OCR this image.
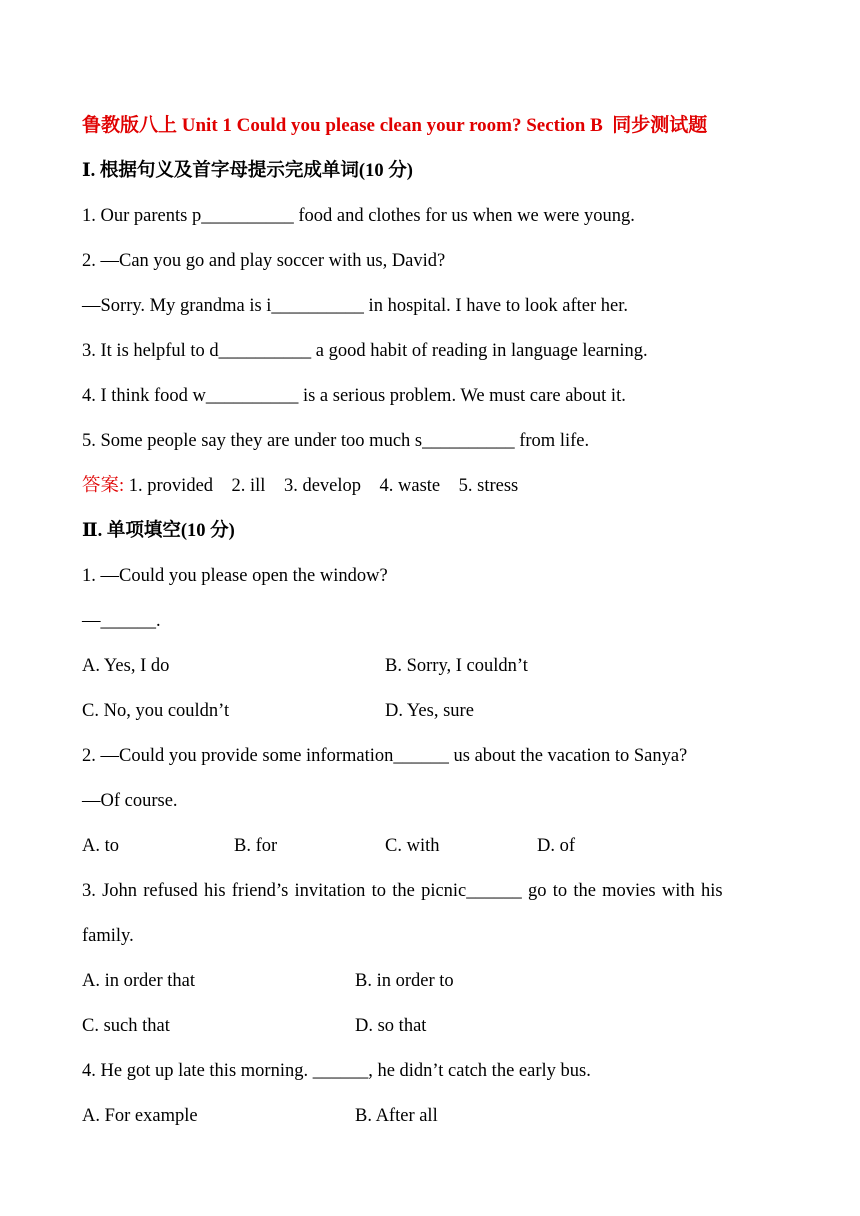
鲁教版八上 Unit 1 Could you please clean your room? Section B  同步测试题
Ⅰ. 根据句义及首字母提示完成单词(10 分)
1. Our parents p__________ food and clothes for us when we were young.
2. —Can you go and play soccer with us, David?
—Sorry. My grandma is i__________ in hospital. I have to look after her.
3. It is helpful to d__________ a good habit of reading in language learning.
4. I think food w__________ is a serious problem. We must care about it.
5. Some people say they are under too much s__________ from life.
答案: 1. provided    2. ill    3. develop    4. waste    5. stress
Ⅱ. 单项填空(10 分)
1. —Could you please open the window?
—______.
A. Yes, I do	B. Sorry, I couldn’t
C. No, you couldn’t	D. Yes, sure
2. —Could you provide some information______ us about the vacation to Sanya?
—Of course.
A. to	B. for	C. with	D. of
3. John refused his friend’s invitation to the picnic______ go to the movies with his
family.
A. in order that	B. in order to
C. such that	D. so that
4. He got up late this morning. ______, he didn’t catch the early bus.
A. For example	B. After all
